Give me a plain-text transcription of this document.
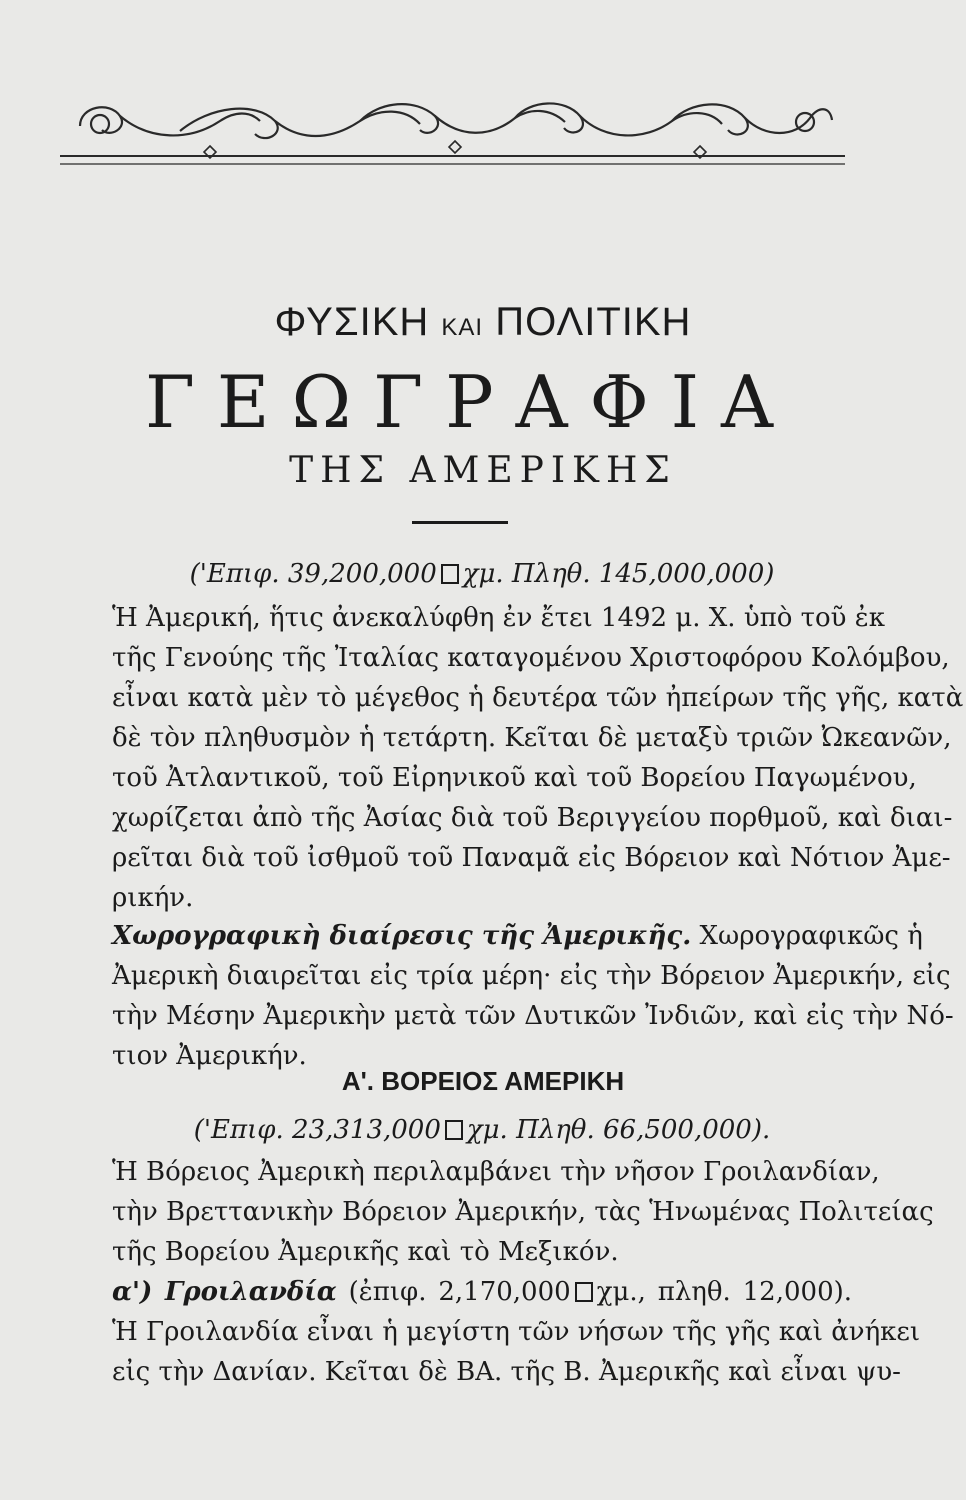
ΦΥΣΙΚΗ ΚΑΙ ΠΟΛΙΤΙΚΗ
ΓΕΩΓΡΑΦΙΑ
ΤΗΣ ΑΜΕΡΙΚΗΣ
('Επιφ. 39,200,000 χμ. Πληθ. 145,000,000)
Ἡ Ἀμερική, ἥτις ἀνεκαλύφθη ἐν ἔτει 1492 μ. Χ. ὑπὸ τοῦ ἐκ
τῆς Γενούης τῆς Ἰταλίας καταγομένου Χριστοφόρου Κολόμβου,
εἶναι κατὰ μὲν τὸ μέγεθος ἡ δευτέρα τῶν ἠπείρων τῆς γῆς, κατὰ
δὲ τὸν πληθυσμὸν ἡ τετάρτη. Κεῖται δὲ μεταξὺ τριῶν Ὠκεανῶν,
τοῦ Ἀτλαντικοῦ, τοῦ Εἰρηνικοῦ καὶ τοῦ Βορείου Παγωμένου,
χωρίζεται ἀπὸ τῆς Ἀσίας διὰ τοῦ Βεριγγείου πορθμοῦ, καὶ διαι-
ρεῖται διὰ τοῦ ἰσθμοῦ τοῦ Παναμᾶ εἰς Βόρειον καὶ Νότιον Ἀμε-
ρικήν.
Χωρογραφικὴ διαίρεσις τῆς Ἀμερικῆς. Χωρογραφικῶς ἡ
Ἀμερικὴ διαιρεῖται εἰς τρία μέρη· εἰς τὴν Βόρειον Ἀμερικήν, εἰς
τὴν Μέσην Ἀμερικὴν μετὰ τῶν Δυτικῶν Ἰνδιῶν, καὶ εἰς τὴν Νό-
τιον Ἀμερικήν.
Α'. ΒΟΡΕΙΟΣ ΑΜΕΡΙΚΗ
('Επιφ. 23,313,000 χμ. Πληθ. 66,500,000).
Ἡ Βόρειος Ἀμερικὴ περιλαμβάνει τὴν νῆσον Γροιλανδίαν,
τὴν Βρεττανικὴν Βόρειον Ἀμερικήν, τὰς Ἡνωμένας Πολιτείας
τῆς Βορείου Ἀμερικῆς καὶ τὸ Μεξικόν.
α') Γροιλανδία (ἐπιφ. 2,170,000 χμ., πληθ. 12,000).
Ἡ Γροιλανδία εἶναι ἡ μεγίστη τῶν νήσων τῆς γῆς καὶ ἀνήκει
εἰς τὴν Δανίαν. Κεῖται δὲ ΒΑ. τῆς Β. Ἀμερικῆς καὶ εἶναι ψυ-
